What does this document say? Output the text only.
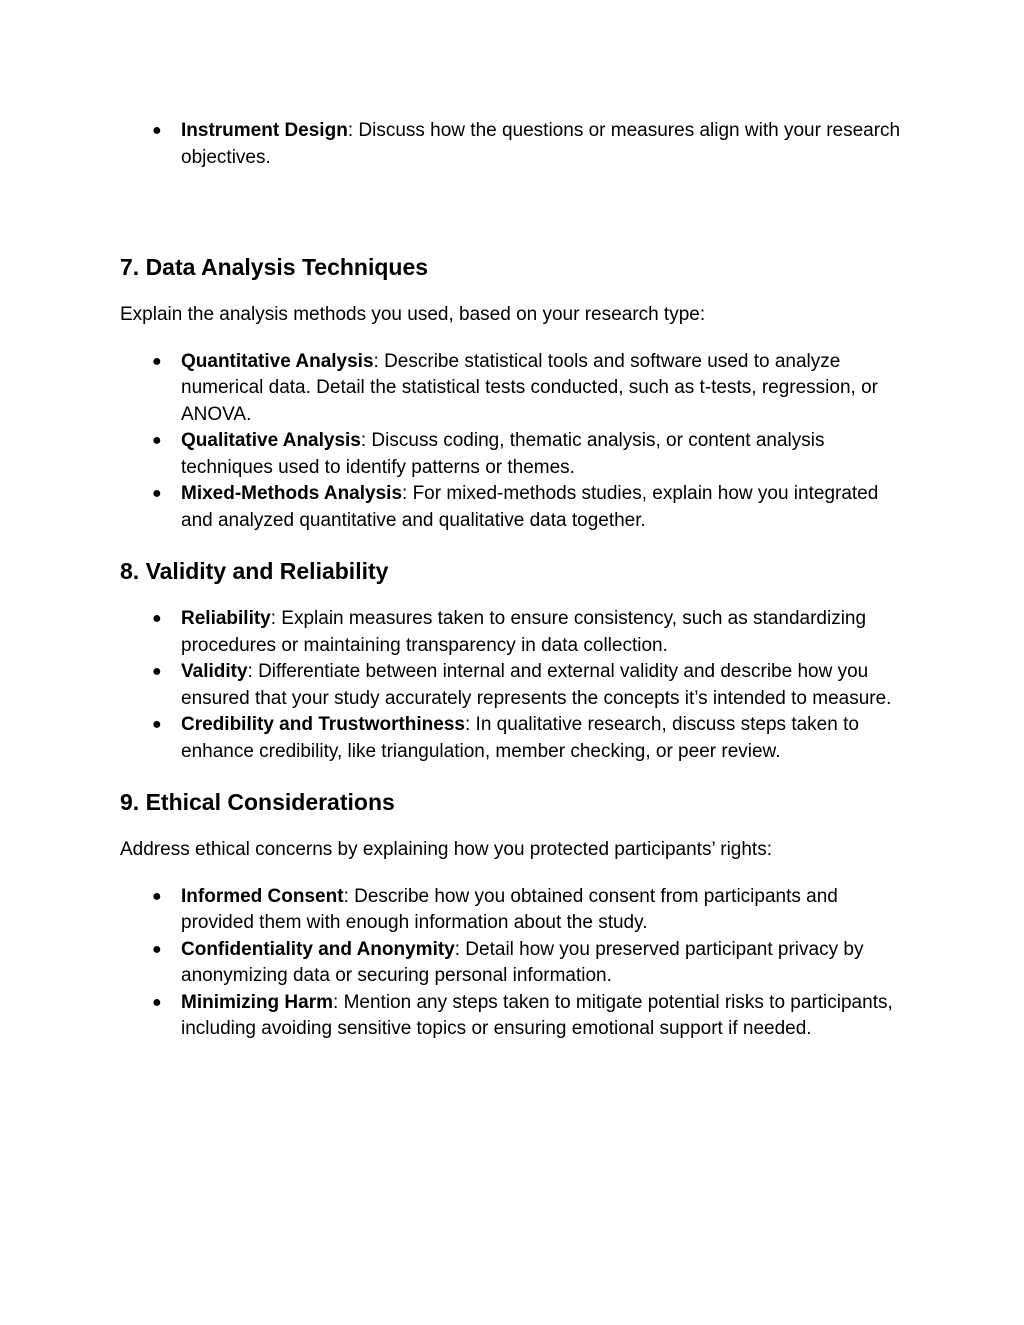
● Instrument Design: Discuss how the questions or measures align with your research objectives.
7. Data Analysis Techniques

Explain the analysis methods you used, based on your research type:

● Quantitative Analysis: Describe statistical tools and software used to analyze numerical data. Detail the statistical tests conducted, such as t-tests, regression, or ANOVA.
● Qualitative Analysis: Discuss coding, thematic analysis, or content analysis techniques used to identify patterns or themes.
● Mixed-Methods Analysis: For mixed-methods studies, explain how you integrated and analyzed quantitative and qualitative data together.
8. Validity and Reliability
● Reliability: Explain measures taken to ensure consistency, such as standardizing procedures or maintaining transparency in data collection.
● Validity: Differentiate between internal and external validity and describe how you ensured that your study accurately represents the concepts it’s intended to measure.
● Credibility and Trustworthiness: In qualitative research, discuss steps taken to enhance credibility, like triangulation, member checking, or peer review.
9. Ethical Considerations

Address ethical concerns by explaining how you protected participants’ rights:

● Informed Consent: Describe how you obtained consent from participants and provided them with enough information about the study.
● Confidentiality and Anonymity: Detail how you preserved participant privacy by anonymizing data or securing personal information.
● Minimizing Harm: Mention any steps taken to mitigate potential risks to participants, including avoiding sensitive topics or ensuring emotional support if needed.
